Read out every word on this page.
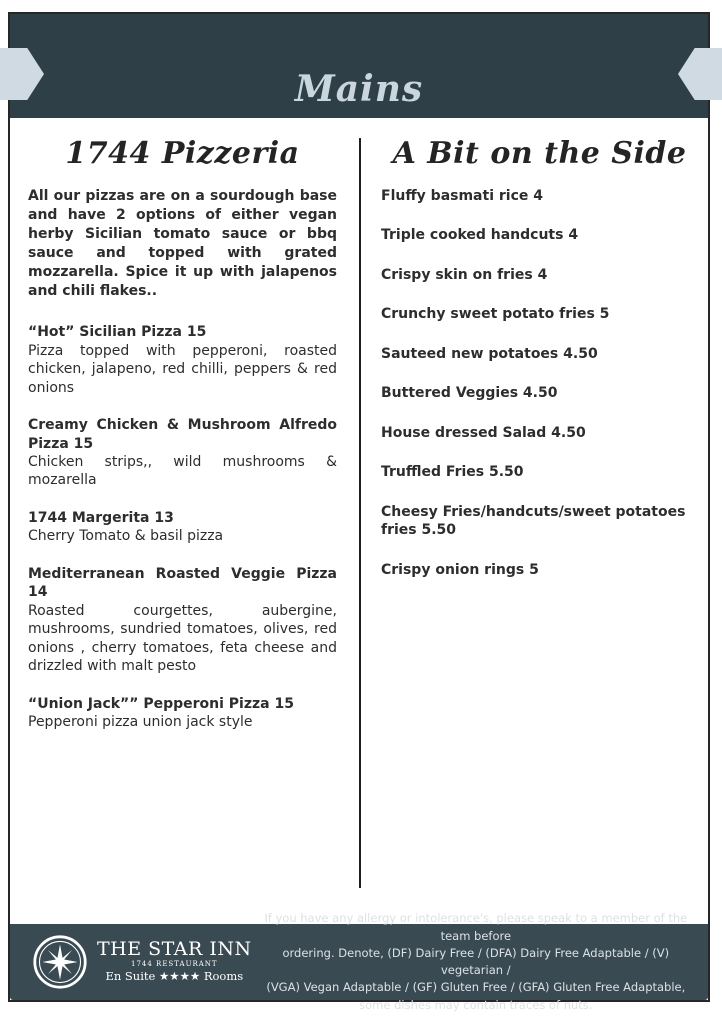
Mains
1744 Pizzeria
All our pizzas are on a sourdough base and have 2 options of either vegan herby Sicilian tomato sauce or bbq sauce and topped with grated mozzarella. Spice it up with jalapenos and chili flakes..
“Hot” Sicilian Pizza 15
Pizza topped with pepperoni, roasted chicken, jalapeno, red chilli, peppers & red onions
Creamy Chicken & Mushroom Alfredo Pizza 15
Chicken strips,, wild mushrooms & mozarella
1744 Margerita 13
Cherry Tomato & basil pizza
Mediterranean Roasted Veggie Pizza 14
Roasted courgettes, aubergine, mushrooms, sundried tomatoes, olives, red onions , cherry tomatoes, feta cheese and drizzled with malt pesto
“Union Jack”” Pepperoni Pizza 15
Pepperoni pizza union jack style
A Bit on the Side
Fluffy basmati rice 4
Triple cooked handcuts 4
Crispy skin on fries 4
Crunchy sweet potato fries 5
Sauteed new potatoes 4.50
Buttered Veggies 4.50
House dressed Salad 4.50
Truffled Fries 5.50
Cheesy Fries/handcuts/sweet potatoes fries 5.50
Crispy onion rings 5
THE STAR INN
1744 RESTAURANT
En Suite ★★★★ Rooms
If you have any allergy or intolerance's, please speak to a member of the team before
ordering. Denote, (DF) Dairy Free / (DFA) Dairy Free Adaptable / (V) vegetarian /
(VGA) Vegan Adaptable / (GF) Gluten Free / (GFA) Gluten Free Adaptable,
some dishes may contain traces of nuts.
